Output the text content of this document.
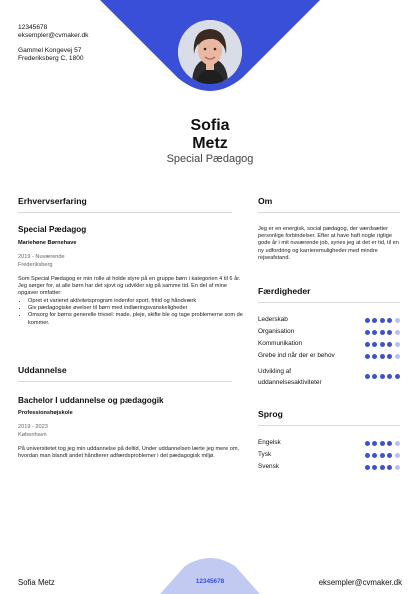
12345678
eksempler@cvmaker.dk
Gammel Kongevej 57
Frederiksberg C, 1800
Sofia
Metz
Special Pædagog
Erhvervserfaring
Special Pædagog
Mariehøne Børnehave
2019 - Nuværende
Frederiksberg
Som Special Pædagog er min rolle at holde styre på en gruppe børn i kategorien 4 til 6 år. Jeg sørger for, at alle børn har det sjovt og udvikler sig på samme tid. En del af mine opgaver omfatter:
• Opret et varieret aktivitetsprogram indenfor sport, fritid og håndværk
• Giv pædagogiske øvelser til børn med indlæringsvanskeligheder
• Omsorg for børns generelle trivsel: made, pleje, skifte ble og tage problemerne som de kommer.
Uddannelse
Bachelor I uddannelse og pædagogik
Professionshøjskole
2019 - 2023
København
På universitetet tog jeg min uddannelse på deltid, Under uddannelsen lærte jeg mere om, hvordan man blandt andet håndterer adfærdsproblemer i det pædagogisk miljø.
Om
Jeg er en energisk, social pædagog, der værdsætter personlige forbindelser. Efter at have haft nogle rigtige gode år i mit nuværende job, synes jeg at det er tid, til en ny udfordring og karrieremuligheder med mindre rejseafstand.
Færdigheder
Lederskab
Organisation
Kommunikation
Grebe ind når der er behov
Udvikling af uddannelsesaktiviteter
Sprog
Engelsk
Tysk
Svensk
Sofia Metz	12345678	eksempler@cvmaker.dk
